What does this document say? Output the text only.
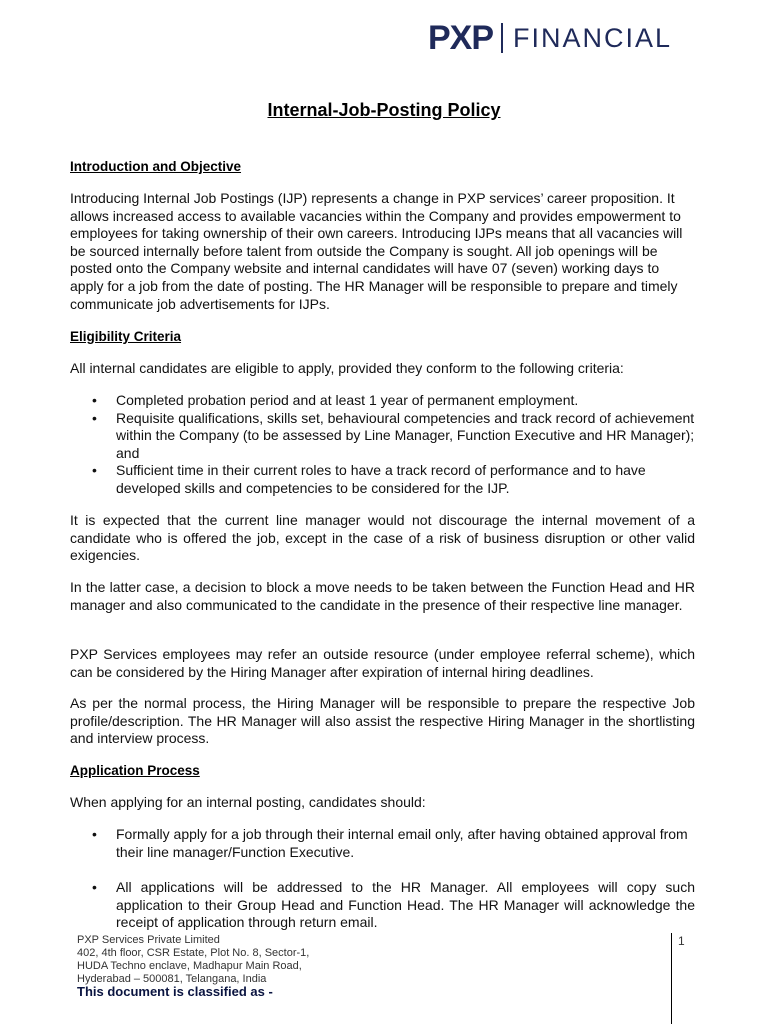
PXP FINANCIAL
Internal-Job-Posting Policy
Introduction and Objective
Introducing Internal Job Postings (IJP) represents a change in PXP services’ career proposition. It allows increased access to available vacancies within the Company and provides empowerment to employees for taking ownership of their own careers. Introducing IJPs means that all vacancies will be sourced internally before talent from outside the Company is sought. All job openings will be posted onto the Company website and internal candidates will have 07 (seven) working days to apply for a job from the date of posting. The HR Manager will be responsible to prepare and timely communicate job advertisements for IJPs.
Eligibility Criteria
All internal candidates are eligible to apply, provided they conform to the following criteria:
• Completed probation period and at least 1 year of permanent employment.
• Requisite qualifications, skills set, behavioural competencies and track record of achievement within the Company (to be assessed by Line Manager, Function Executive and HR Manager); and
• Sufficient time in their current roles to have a track record of performance and to have developed skills and competencies to be considered for the IJP.
It is expected that the current line manager would not discourage the internal movement of a candidate who is offered the job, except in the case of a risk of business disruption or other valid exigencies.
In the latter case, a decision to block a move needs to be taken between the Function Head and HR manager and also communicated to the candidate in the presence of their respective line manager.
PXP Services employees may refer an outside resource (under employee referral scheme), which can be considered by the Hiring Manager after expiration of internal hiring deadlines.
As per the normal process, the Hiring Manager will be responsible to prepare the respective Job profile/description. The HR Manager will also assist the respective Hiring Manager in the shortlisting and interview process.
Application Process
When applying for an internal posting, candidates should:
• Formally apply for a job through their internal email only, after having obtained approval from their line manager/Function Executive.
• All applications will be addressed to the HR Manager. All employees will copy such application to their Group Head and Function Head. The HR Manager will acknowledge the receipt of application through return email.
PXP Services Private Limited
402, 4th floor, CSR Estate, Plot No. 8, Sector-1,
HUDA Techno enclave, Madhapur Main Road,
Hyderabad – 500081, Telangana, India
This document is classified as -
1
